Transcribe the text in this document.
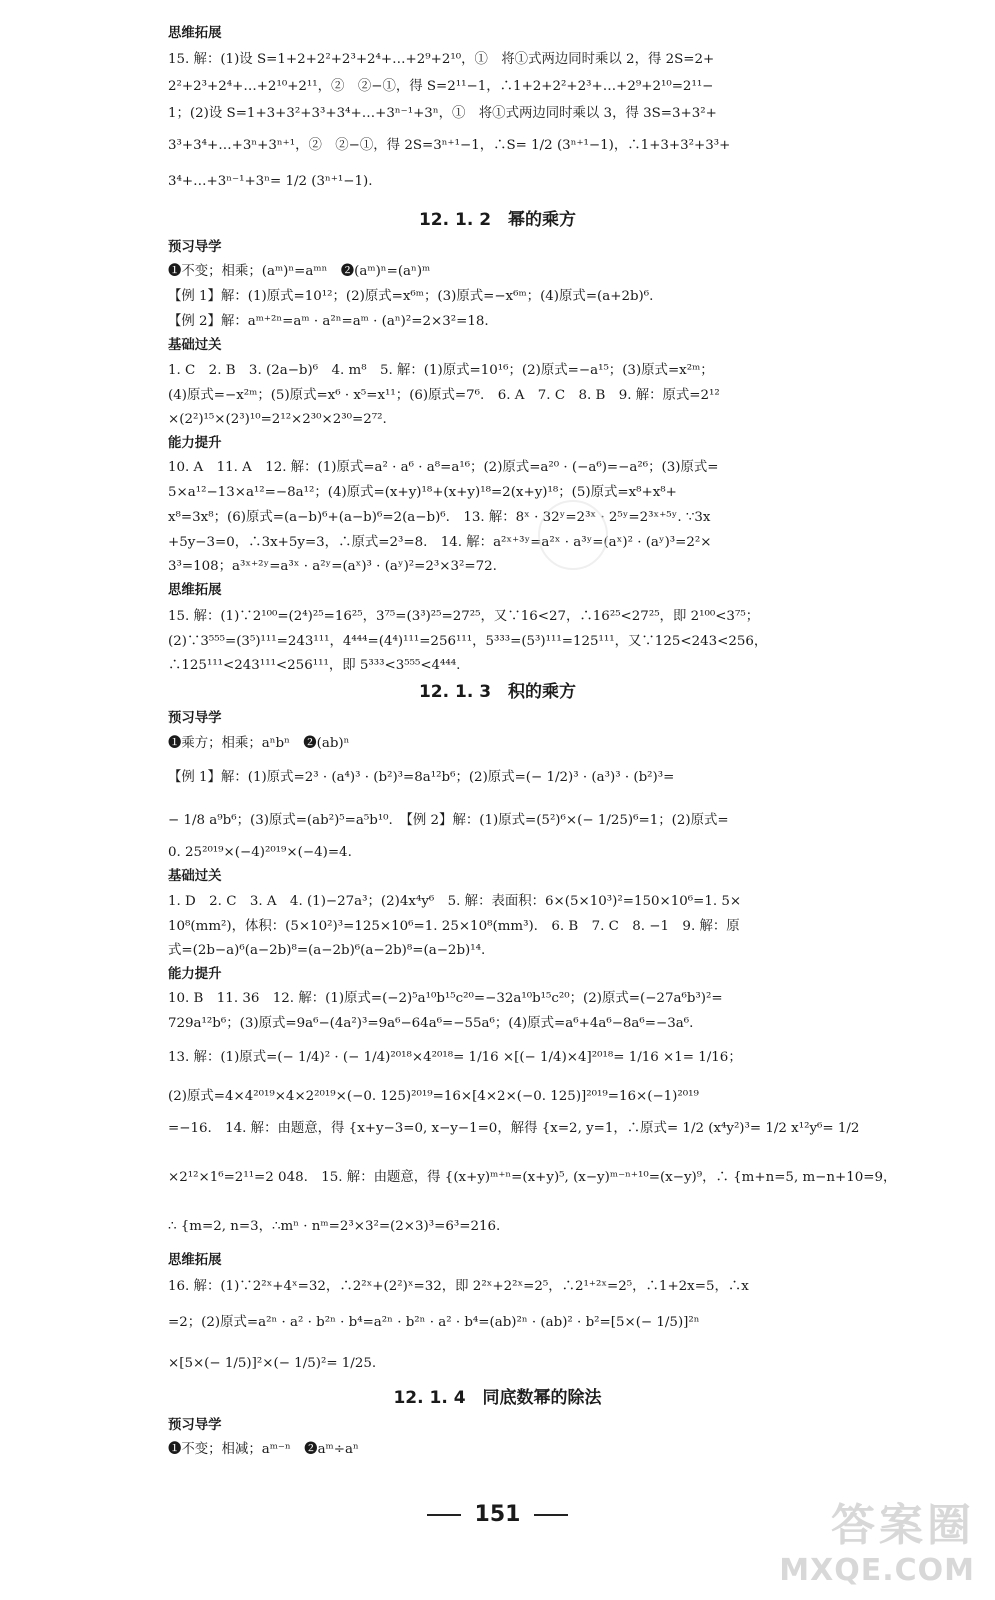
思维拓展
15. 解：(1)设 S=1+2+2²+2³+2⁴+…+2⁹+2¹⁰，①　将①式两边同时乘以 2，得 2S=2+
2²+2³+2⁴+…+2¹⁰+2¹¹，②　②−①，得 S=2¹¹−1，∴1+2+2²+2³+…+2⁹+2¹⁰=2¹¹−
1；(2)设 S=1+3+3²+3³+3⁴+…+3ⁿ⁻¹+3ⁿ，①　将①式两边同时乘以 3，得 3S=3+3²+
3³+3⁴+…+3ⁿ+3ⁿ⁺¹，②　②−①，得 2S=3ⁿ⁺¹−1，∴S= 1/2 (3ⁿ⁺¹−1)，∴1+3+3²+3³+
3⁴+…+3ⁿ⁻¹+3ⁿ= 1/2 (3ⁿ⁺¹−1).
12. 1. 2　幂的乘方
预习导学
❶不变；相乘；(aᵐ)ⁿ=aᵐⁿ　❷(aᵐ)ⁿ=(aⁿ)ᵐ
【例 1】解：(1)原式=10¹²；(2)原式=x⁶ᵐ；(3)原式=−x⁶ᵐ；(4)原式=(a+2b)⁶.
【例 2】解：aᵐ⁺²ⁿ=aᵐ · a²ⁿ=aᵐ · (aⁿ)²=2×3²=18.
基础过关
1. C　2. B　3. (2a−b)⁶　4. m⁸　5. 解：(1)原式=10¹⁶；(2)原式=−a¹⁵；(3)原式=x²ᵐ；
(4)原式=−x²ᵐ；(5)原式=x⁶ · x⁵=x¹¹；(6)原式=7⁶.　6. A　7. C　8. B　9. 解：原式=2¹²
×(2²)¹⁵×(2³)¹⁰=2¹²×2³⁰×2³⁰=2⁷².
能力提升
10. A　11. A　12. 解：(1)原式=a² · a⁶ · a⁸=a¹⁶；(2)原式=a²⁰ · (−a⁶)=−a²⁶；(3)原式=
5×a¹²−13×a¹²=−8a¹²；(4)原式=(x+y)¹⁸+(x+y)¹⁸=2(x+y)¹⁸；(5)原式=x⁸+x⁸+
x⁸=3x⁸；(6)原式=(a−b)⁶+(a−b)⁶=2(a−b)⁶.　13. 解：8ˣ · 32ʸ=2³ˣ · 2⁵ʸ=2³ˣ⁺⁵ʸ. ∵3x
+5y−3=0，∴3x+5y=3，∴原式=2³=8.　14. 解：a²ˣ⁺³ʸ=a²ˣ · a³ʸ=(aˣ)² · (aʸ)³=2²×
3³=108；a³ˣ⁺²ʸ=a³ˣ · a²ʸ=(aˣ)³ · (aʸ)²=2³×3²=72.
思维拓展
15. 解：(1)∵2¹⁰⁰=(2⁴)²⁵=16²⁵，3⁷⁵=(3³)²⁵=27²⁵，又∵16<27，∴16²⁵<27²⁵，即 2¹⁰⁰<3⁷⁵；
(2)∵3⁵⁵⁵=(3⁵)¹¹¹=243¹¹¹，4⁴⁴⁴=(4⁴)¹¹¹=256¹¹¹，5³³³=(5³)¹¹¹=125¹¹¹，又∵125<243<256，
∴125¹¹¹<243¹¹¹<256¹¹¹，即 5³³³<3⁵⁵⁵<4⁴⁴⁴.
12. 1. 3　积的乘方
预习导学
❶乘方；相乘；aⁿbⁿ　❷(ab)ⁿ
【例 1】解：(1)原式=2³ · (a⁴)³ · (b²)³=8a¹²b⁶；(2)原式=(− 1/2)³ · (a³)³ · (b²)³=
− 1/8 a⁹b⁶；(3)原式=(ab²)⁵=a⁵b¹⁰.　【例 2】解：(1)原式=(5²)⁶×(− 1/25)⁶=1；(2)原式=
0. 25²⁰¹⁹×(−4)²⁰¹⁹×(−4)=4.
基础过关
1. D　2. C　3. A　4. (1)−27a³；(2)4x⁴y⁶　5. 解：表面积：6×(5×10³)²=150×10⁶=1. 5×
10⁸(mm²)，体积：(5×10²)³=125×10⁶=1. 25×10⁸(mm³).　6. B　7. C　8. −1　9. 解：原
式=(2b−a)⁶(a−2b)⁸=(a−2b)⁶(a−2b)⁸=(a−2b)¹⁴.
能力提升
10. B　11. 36　12. 解：(1)原式=(−2)⁵a¹⁰b¹⁵c²⁰=−32a¹⁰b¹⁵c²⁰；(2)原式=(−27a⁶b³)²=
729a¹²b⁶；(3)原式=9a⁶−(4a²)³=9a⁶−64a⁶=−55a⁶；(4)原式=a⁶+4a⁶−8a⁶=−3a⁶.
13. 解：(1)原式=(− 1/4)² · (− 1/4)²⁰¹⁸×4²⁰¹⁸= 1/16 ×[(− 1/4)×4]²⁰¹⁸= 1/16 ×1= 1/16；
(2)原式=4×4²⁰¹⁹×4×2²⁰¹⁹×(−0. 125)²⁰¹⁹=16×[4×2×(−0. 125)]²⁰¹⁹=16×(−1)²⁰¹⁹
=−16.　14. 解：由题意，得 {x+y−3=0, x−y−1=0，解得 {x=2, y=1，∴原式= 1/2 (x⁴y²)³= 1/2 x¹²y⁶= 1/2
×2¹²×1⁶=2¹¹=2 048.　15. 解：由题意，得 {(x+y)ᵐ⁺ⁿ=(x+y)⁵, (x−y)ᵐ⁻ⁿ⁺¹⁰=(x−y)⁹，∴ {m+n=5, m−n+10=9，
∴ {m=2, n=3，∴mⁿ · nᵐ=2³×3²=(2×3)³=6³=216.
思维拓展
16. 解：(1)∵2²ˣ+4ˣ=32，∴2²ˣ+(2²)ˣ=32，即 2²ˣ+2²ˣ=2⁵，∴2¹⁺²ˣ=2⁵，∴1+2x=5，∴x
=2；(2)原式=a²ⁿ · a² · b²ⁿ · b⁴=a²ⁿ · b²ⁿ · a² · b⁴=(ab)²ⁿ · (ab)² · b²=[5×(− 1/5)]²ⁿ
×[5×(− 1/5)]²×(− 1/5)²= 1/25.
12. 1. 4　同底数幂的除法
预习导学
❶不变；相减；aᵐ⁻ⁿ　❷aᵐ÷aⁿ
151	答案圈
MXQE.COM
